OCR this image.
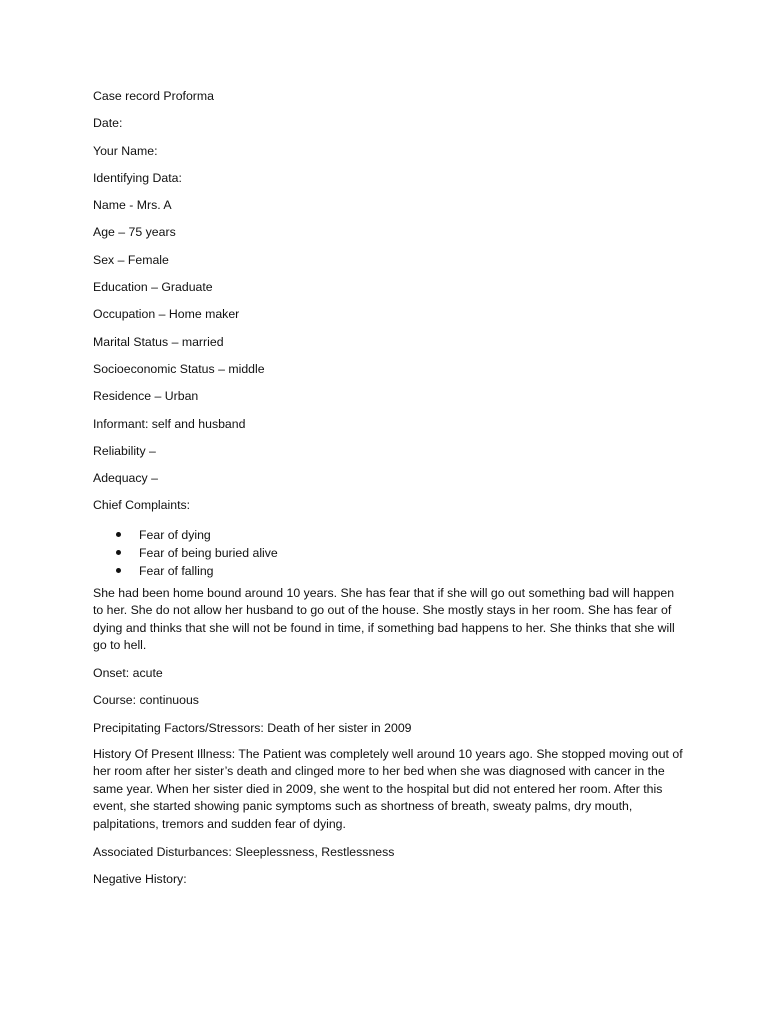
Case record Proforma
Date:
Your Name:
Identifying Data:
Name - Mrs. A
Age – 75 years
Sex – Female
Education – Graduate
Occupation – Home maker
Marital Status – married
Socioeconomic Status – middle
Residence – Urban
Informant: self and husband
Reliability –
Adequacy –
Chief Complaints:
Fear of dying
Fear of being buried alive
Fear of falling
She had been home bound around 10 years. She has fear that if she will go out something bad will happen to her. She do not allow her husband to go out of the house. She mostly stays in her room. She has fear of dying and thinks that she will not be found in time, if something bad happens to her. She thinks that she will go to hell.
Onset: acute
Course: continuous
Precipitating Factors/Stressors: Death of her sister in 2009
History Of Present Illness: The Patient was completely well around 10 years ago. She stopped moving out of her room after her sister’s death and clinged more to her bed when she was diagnosed with cancer in the same year. When her sister died in 2009, she went to the hospital but did not entered her room. After this event, she started showing panic symptoms such as shortness of breath, sweaty palms, dry mouth, palpitations, tremors and sudden fear of dying.
Associated Disturbances: Sleeplessness, Restlessness
Negative History:
